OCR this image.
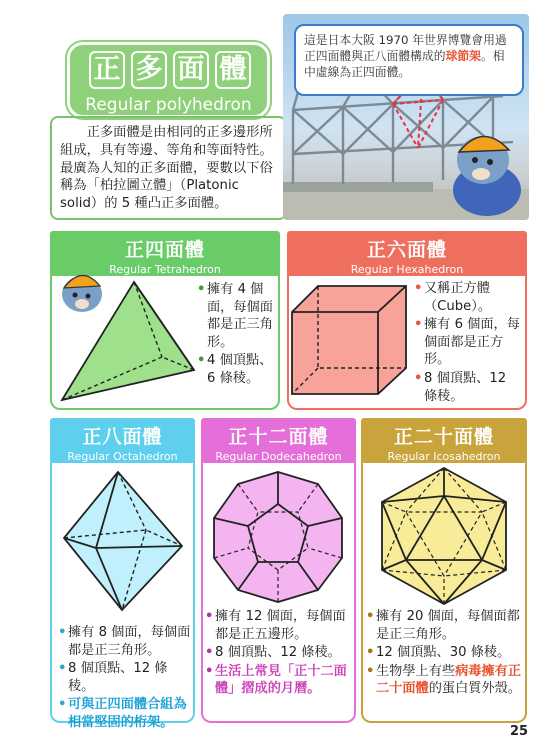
正 多 面 體
Regular polyhedron
　　正多面體是由相同的正多邊形所組成，具有等邊、等角和等面特性。最廣為人知的正多面體，要數以下俗稱為「柏拉圖立體」（Platonic solid）的 5 種凸正多面體。
這是日本大阪 1970 年世界博覽會用過正四面體與正八面體構成的球節架。相中虛線為正四面體。
正四面體
Regular Tetrahedron
• 擁有 4 個面，每個面都是正三角形。
• 4 個頂點、6 條稜。
正六面體
Regular Hexahedron
• 又稱正方體（Cube）。
• 擁有 6 個面，每個面都是正方形。
• 8 個頂點、12 條稜。
正八面體
Regular Octahedron
• 擁有 8 個面，每個面都是正三角形。
• 8 個頂點、12 條稜。
• 可與正四面體合組為相當堅固的桁架。
正十二面體
Regular Dodecahedron
• 擁有 12 個面，每個面都是正五邊形。
• 8 個頂點、12 條稜。
• 生活上常見「正十二面體」摺成的月曆。
正二十面體
Regular Icosahedron
• 擁有 20 個面，每個面都是正三角形。
• 12 個頂點、30 條稜。
• 生物學上有些病毒擁有正二十面體的蛋白質外殼。
25
